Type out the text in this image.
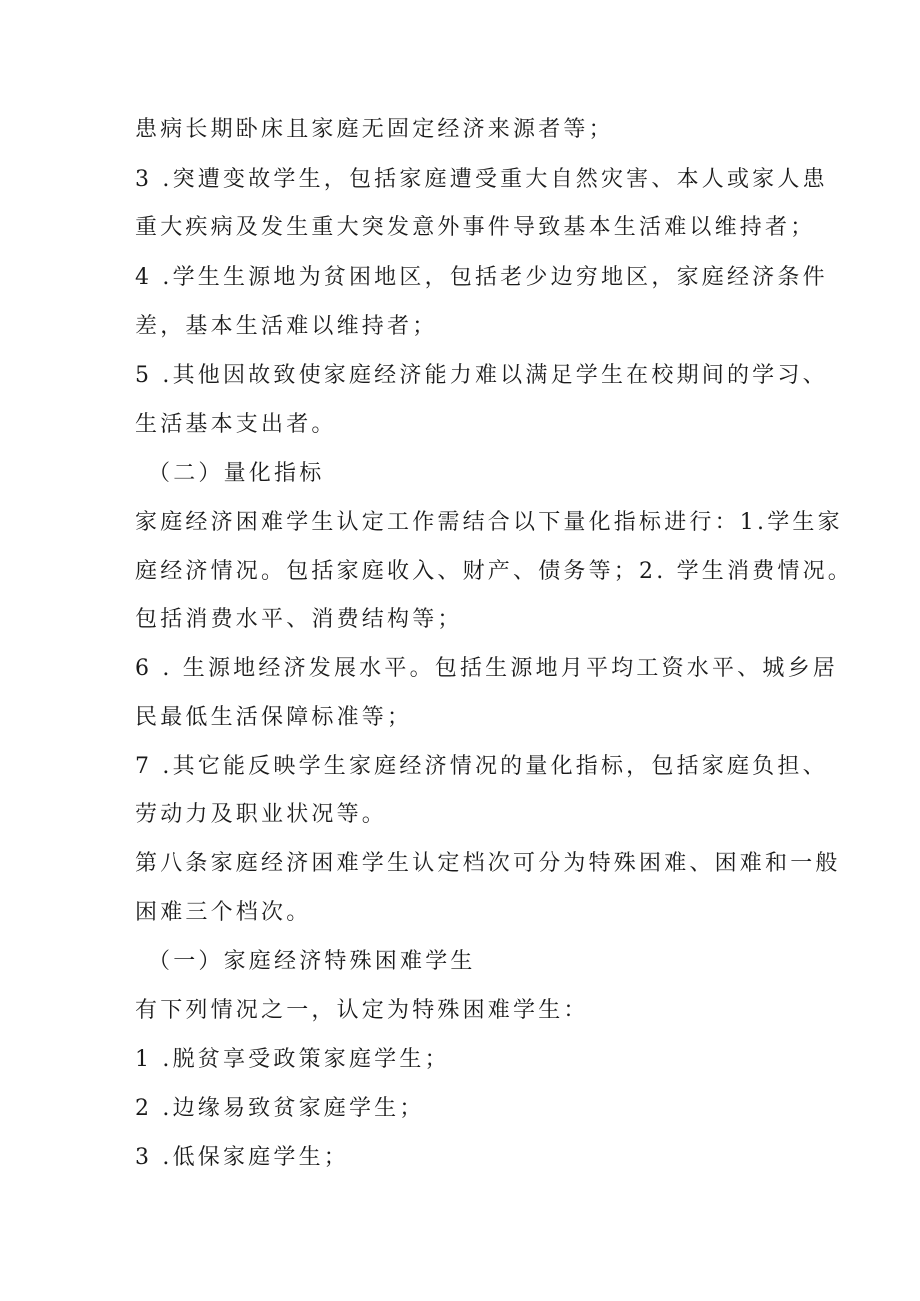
患病长期卧床且家庭无固定经济来源者等；
3 .突遭变故学生，包括家庭遭受重大自然灾害、本人或家人患
重大疾病及发生重大突发意外事件导致基本生活难以维持者；
4 .学生生源地为贫困地区，包括老少边穷地区，家庭经济条件
差，基本生活难以维持者；
5 .其他因故致使家庭经济能力难以满足学生在校期间的学习、
生活基本支出者。
（二）量化指标
家庭经济困难学生认定工作需结合以下量化指标进行：1.学生家
庭经济情况。包括家庭收入、财产、债务等；2. 学生消费情况。
包括消费水平、消费结构等；
6 . 生源地经济发展水平。包括生源地月平均工资水平、城乡居
民最低生活保障标准等；
7 .其它能反映学生家庭经济情况的量化指标，包括家庭负担、
劳动力及职业状况等。
第八条家庭经济困难学生认定档次可分为特殊困难、困难和一般
困难三个档次。
（一）家庭经济特殊困难学生
有下列情况之一，认定为特殊困难学生：
1 .脱贫享受政策家庭学生；
2 .边缘易致贫家庭学生；
3 .低保家庭学生；
